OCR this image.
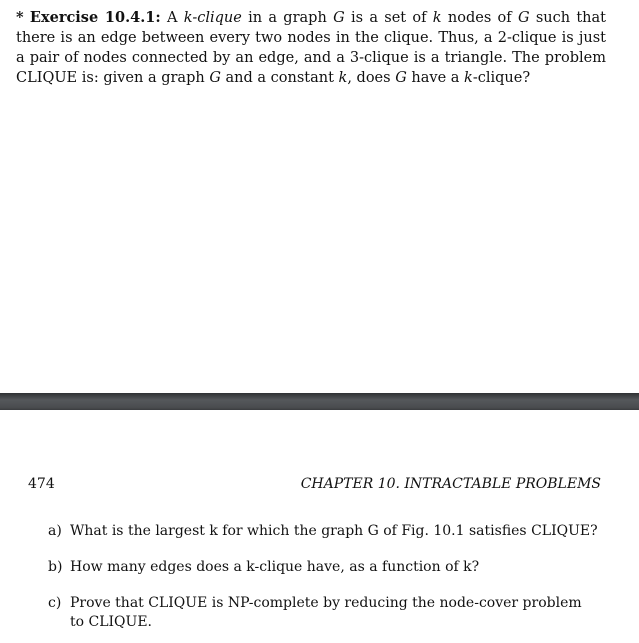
* Exercise 10.4.1: A k-clique in a graph G is a set of k nodes of G such that there is an edge between every two nodes in the clique. Thus, a 2-clique is just a pair of nodes connected by an edge, and a 3-clique is a triangle. The problem CLIQUE is: given a graph G and a constant k, does G have a k-clique?
474	CHAPTER 10. INTRACTABLE PROBLEMS
a) What is the largest k for which the graph G of Fig. 10.1 satisfies CLIQUE?
b) How many edges does a k-clique have, as a function of k?
c) Prove that CLIQUE is NP-complete by reducing the node-cover problem
to CLIQUE.
